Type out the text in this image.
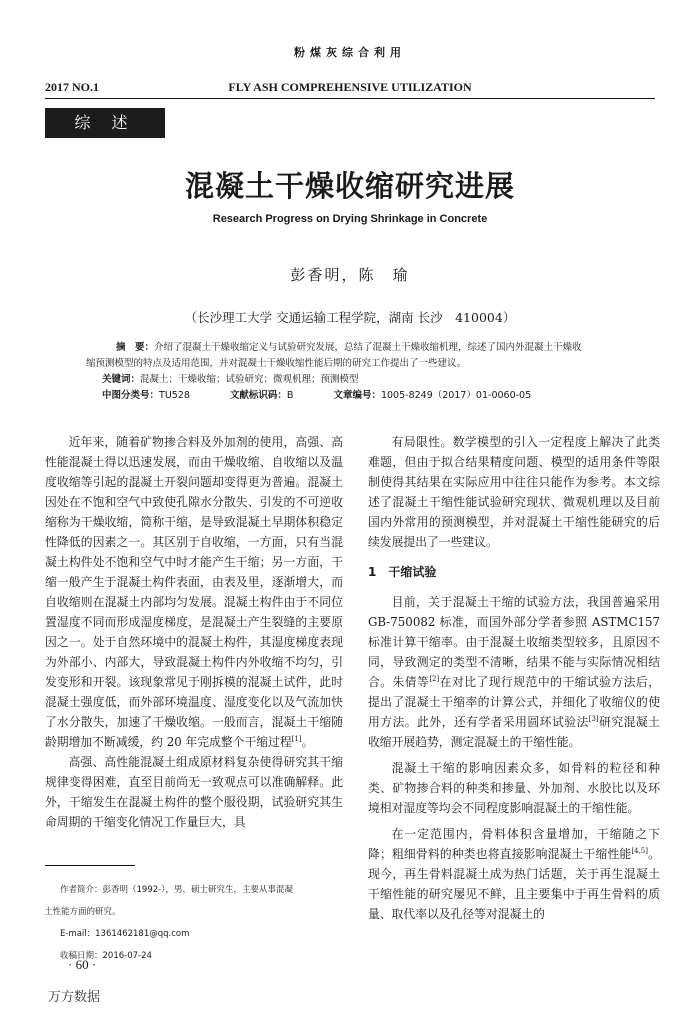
粉煤灰综合利用
2017 NO.1	FLY ASH COMPREHENSIVE UTILIZATION
综 述
混凝土干燥收缩研究进展
Research Progress on Drying Shrinkage in Concrete
彭香明，陈　瑜
（长沙理工大学 交通运输工程学院，湖南 长沙　410004）
摘　要：介绍了混凝土干燥收缩定义与试验研究发展，总结了混凝土干燥收缩机理，综述了国内外混凝土干燥收
缩预测模型的特点及适用范围，并对混凝土干燥收缩性能后期的研究工作提出了一些建议。
关键词：混凝土；干燥收缩；试验研究；微观机理；预测模型
中图分类号：TU528	文献标识码：B	文章编号：1005-8249（2017）01-0060-05

近年来，随着矿物掺合料及外加剂的使用，高强、高性能混凝土得以迅速发展，而由干燥收缩、自收缩以及温度收缩等引起的混凝土开裂问题却变得更为普遍。混凝土因处在不饱和空气中致使孔隙水分散失、引发的不可逆收缩称为干燥收缩，简称干缩，是导致混凝土早期体积稳定性降低的因素之一。其区别于自收缩，一方面，只有当混凝土构件处不饱和空气中时才能产生干缩；另一方面，干缩一般产生于混凝土构件表面，由表及里，逐渐增大，而自收缩则在混凝土内部均匀发展。混凝土构件由于不同位置湿度不同而形成湿度梯度，是混凝土产生裂缝的主要原因之一。处于自然环境中的混凝土构件，其湿度梯度表现为外部小、内部大，导致混凝土构件内外收缩不均匀，引发变形和开裂。该现象常见于刚拆模的混凝土试件，此时混凝土强度低，而外部环境温度、湿度变化以及气流加快了水分散失，加速了干燥收缩。一般而言，混凝土干缩随龄期增加不断减缓，约 20 年完成整个干缩过程[1]。

高强、高性能混凝土组成原材料复杂使得研究其干缩规律变得困难，直至目前尚无一致观点可以准确解释。此外，干缩发生在混凝土构件的整个服役期，试验研究其生命周期的干缩变化情况工作量巨大，具

有局限性。数学模型的引入一定程度上解决了此类难题，但由于拟合结果精度问题、模型的适用条件等限制使得其结果在实际应用中往往只能作为参考。本文综述了混凝土干缩性能试验研究现状、微观机理以及目前国内外常用的预测模型，并对混凝土干缩性能研究的后续发展提出了一些建议。

1　干缩试验

目前，关于混凝土干缩的试验方法，我国普遍采用 GB-750082 标准，而国外部分学者参照 ASTMC157 标准计算干缩率。由于混凝土收缩类型较多，且原因不同，导致测定的类型不清晰，结果不能与实际情况相结合。朱倩等[2]在对比了现行规范中的干缩试验方法后，提出了混凝土干缩率的计算公式，并细化了收缩仪的使用方法。此外，还有学者采用圆环试验法[3]研究混凝土收缩开展趋势，测定混凝土的干缩性能。

混凝土干缩的影响因素众多，如骨料的粒径和种类、矿物掺合料的种类和掺量、外加剂、水胶比以及环境相对湿度等均会不同程度影响混凝土的干缩性能。

在一定范围内，骨料体积含量增加，干缩随之下降；粗细骨料的种类也将直接影响混凝土干缩性能[4,5]。现今，再生骨料混凝土成为热门话题，关于再生混凝土干缩性能的研究屡见不鲜，且主要集中于再生骨料的质量、取代率以及孔径等对混凝土的

作者简介：彭香明（1992-），男，硕士研究生，主要从事混凝
土性能方面的研究。
E-mail：1361462181@qq.com
收稿日期：2016-07-24
· 60 ·
万方数据
